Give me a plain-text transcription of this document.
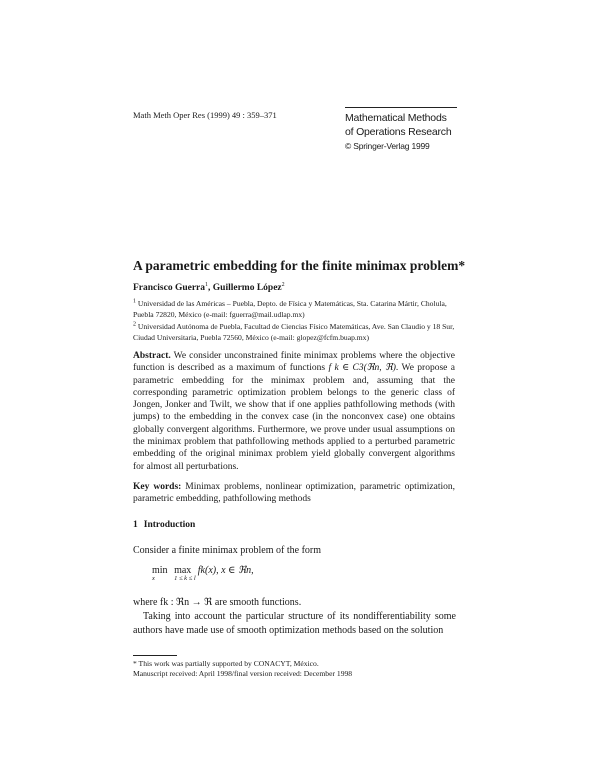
Math Meth Oper Res (1999) 49 : 359–371	Mathematical Methods
of Operations Research
© Springer-Verlag 1999
A parametric embedding for the finite minimax problem*
Francisco Guerra$^1$, Guillermo López$^2$
$^1$ Universidad de las Américas – Puebla, Depto. de Física y Matemáticas, Sta. Catarina Mártir, Cholula, Puebla 72820, México (e-mail: fguerra@mail.udlap.mx)
$^2$ Universidad Autónoma de Puebla, Facultad de Ciencias Físico Matemáticas, Ave. San Claudio y 18 Sur, Ciudad Universitaria, Puebla 72560, México (e-mail: glopez@fcfm.buap.mx)
Abstract. We consider unconstrained finite minimax problems where the objective function is described as a maximum of functions f k ∈ C3(ℜn, ℜ). We propose a parametric embedding for the minimax problem and, assuming that the corresponding parametric optimization problem belongs to the generic class of Jongen, Jonker and Twilt, we show that if one applies pathfollowing methods (with jumps) to the embedding in the convex case (in the nonconvex case) one obtains globally convergent algorithms. Furthermore, we prove under usual assumptions on the minimax problem that pathfollowing methods applied to a perturbed parametric embedding of the original minimax problem yield globally convergent algorithms for almost all perturbations.
Key words: Minimax problems, nonlinear optimization, parametric optimization, parametric embedding, pathfollowing methods
1 Introduction
Consider a finite minimax problem of the form
min
x
max
1 ≤ k ≤ l
fk(x), x ∈ ℜn,
where fk : ℜn → ℜ are smooth functions.
Taking into account the particular structure of its nondifferentiability some authors have made use of smooth optimization methods based on the solution
* This work was partially supported by CONACYT, México.
Manuscript received: April 1998/final version received: December 1998
